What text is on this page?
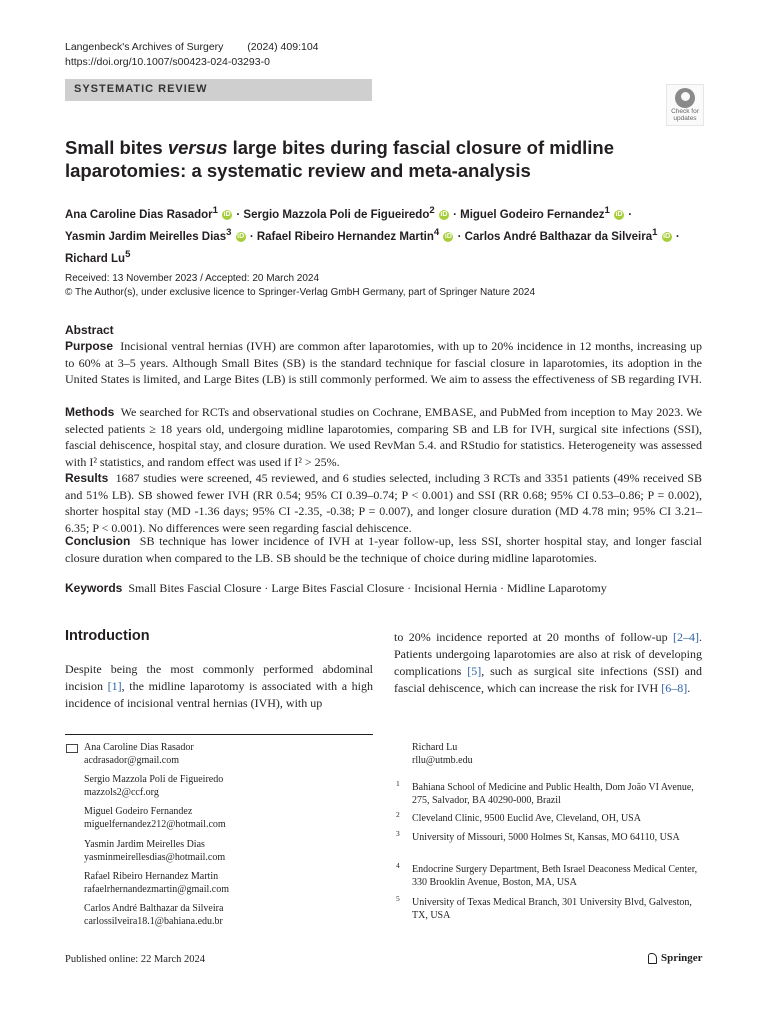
Langenbeck's Archives of Surgery (2024) 409:104
https://doi.org/10.1007/s00423-024-03293-0
SYSTEMATIC REVIEW
Check for
updates
Small bites versus large bites during fascial closure of midline laparotomies: a systematic review and meta-analysis
Ana Caroline Dias Rasador$^1$ iD · Sergio Mazzola Poli de Figueiredo$^2$ iD · Miguel Godeiro Fernandez$^1$ iD ·
Yasmin Jardim Meirelles Dias$^3$ iD · Rafael Ribeiro Hernandez Martin$^4$ iD · Carlos André Balthazar da Silveira$^1$ iD ·
Richard Lu$^5$
Received: 13 November 2023 / Accepted: 20 March 2024
© The Author(s), under exclusive licence to Springer-Verlag GmbH Germany, part of Springer Nature 2024
Abstract

Purpose Incisional ventral hernias (IVH) are common after laparotomies, with up to 20% incidence in 12 months, increasing up to 60% at 3–5 years. Although Small Bites (SB) is the standard technique for fascial closure in laparotomies, its adoption in the United States is limited, and Large Bites (LB) is still commonly performed. We aim to assess the effectiveness of SB regarding IVH.

Methods We searched for RCTs and observational studies on Cochrane, EMBASE, and PubMed from inception to May 2023. We selected patients ≥ 18 years old, undergoing midline laparotomies, comparing SB and LB for IVH, surgical site infections (SSI), fascial dehiscence, hospital stay, and closure duration. We used RevMan 5.4. and RStudio for statistics. Heterogeneity was assessed with I² statistics, and random effect was used if I² > 25%.

Results 1687 studies were screened, 45 reviewed, and 6 studies selected, including 3 RCTs and 3351 patients (49% received SB and 51% LB). SB showed fewer IVH (RR 0.54; 95% CI 0.39–0.74; P < 0.001) and SSI (RR 0.68; 95% CI 0.53–0.86; P = 0.002), shorter hospital stay (MD -1.36 days; 95% CI -2.35, -0.38; P = 0.007), and longer closure duration (MD 4.78 min; 95% CI 3.21–6.35; P < 0.001). No differences were seen regarding fascial dehiscence.

Conclusion SB technique has lower incidence of IVH at 1-year follow-up, less SSI, shorter hospital stay, and longer fascial closure duration when compared to the LB. SB should be the technique of choice during midline laparotomies.

Keywords Small Bites Fascial Closure · Large Bites Fascial Closure · Incisional Hernia · Midline Laparotomy
Introduction

Despite being the most commonly performed abdominal incision [1], the midline laparotomy is associated with a high incidence of incisional ventral hernias (IVH), with up

to 20% incidence reported at 20 months of follow-up [2–4]. Patients undergoing laparotomies are also at risk of developing complications [5], such as surgical site infections (SSI) and fascial dehiscence, which can increase the risk for IVH [6–8].

Ana Caroline Dias Rasador
acdrasador@gmail.com
Sergio Mazzola Poli de Figueiredo
mazzols2@ccf.org
Miguel Godeiro Fernandez
miguelfernandez212@hotmail.com
Yasmin Jardim Meirelles Dias
yasminmeirellesdias@hotmail.com
Rafael Ribeiro Hernandez Martin
rafaelrhernandezmartin@gmail.com
Carlos André Balthazar da Silveira
carlossilveira18.1@bahiana.edu.br
Richard Lu
rllu@utmb.edu
1 Bahiana School of Medicine and Public Health, Dom João VI Avenue, 275, Salvador, BA 40290-000, Brazil
2 Cleveland Clinic, 9500 Euclid Ave, Cleveland, OH, USA
3 University of Missouri, 5000 Holmes St, Kansas, MO 64110, USA
4 Endocrine Surgery Department, Beth Israel Deaconess Medical Center, 330 Brooklin Avenue, Boston, MA, USA
5 University of Texas Medical Branch, 301 University Blvd, Galveston, TX, USA
Published online: 22 March 2024	Springer
